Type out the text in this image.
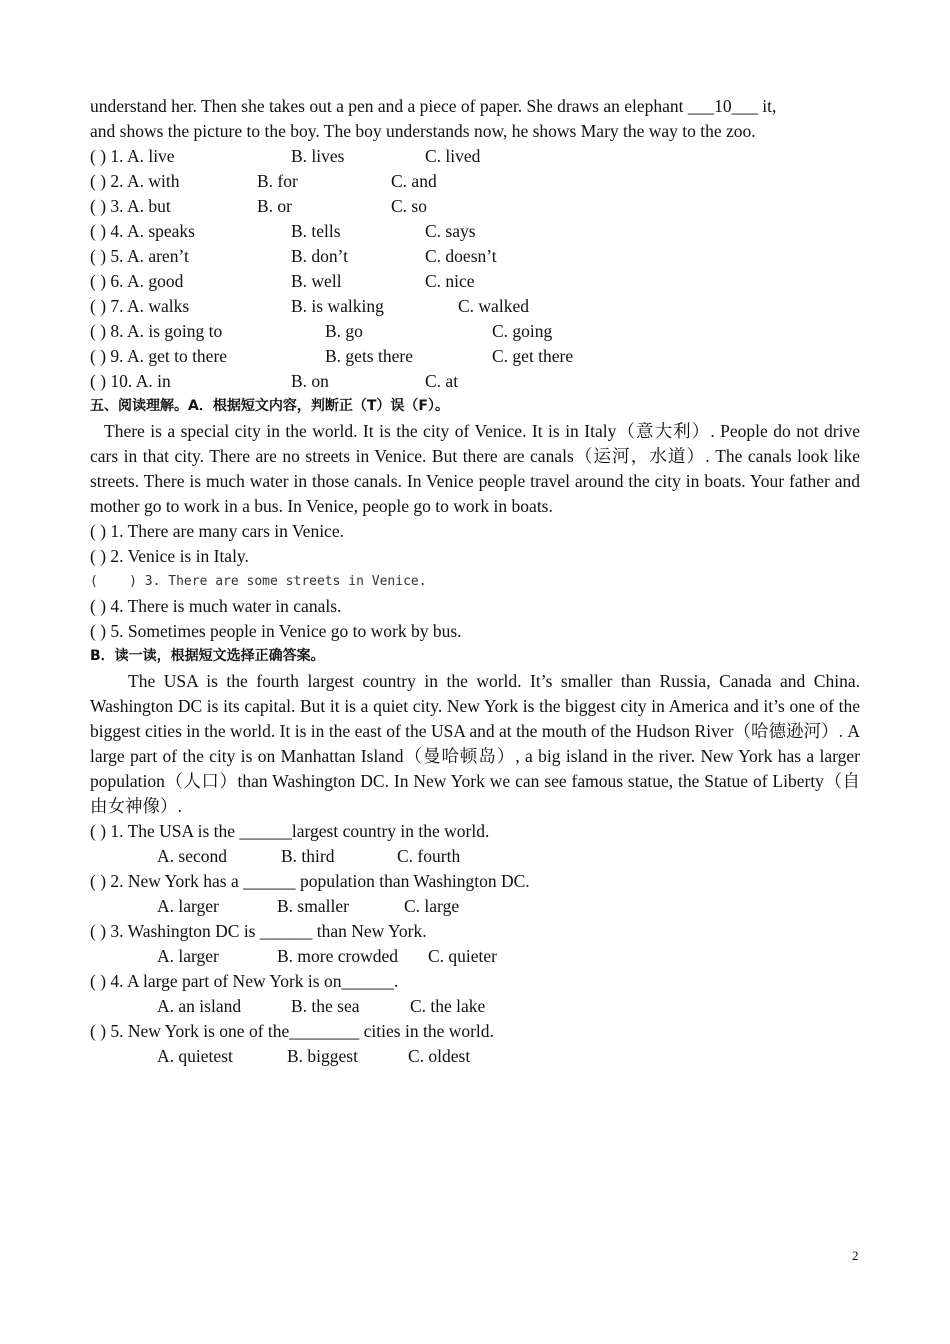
understand her. Then she takes out a pen and a piece of paper. She draws an elephant ___10___ it,
and shows the picture to the boy. The boy understands now, he shows Mary the way to the zoo.
( ) 1. A. live	B. lives	C. lived
( ) 2. A. with	B. for	C. and
( ) 3. A. but	B. or	C. so
( ) 4. A. speaks	B. tells	C. says
( ) 5. A. aren’t	B. don’t	C. doesn’t
( ) 6. A. good	B. well	C. nice
( ) 7. A. walks	B. is walking	C. walked
( ) 8. A. is going to	B. go	C. going
( ) 9. A. get to there	B. gets there	C. get there
( ) 10. A. in	B. on	C. at
五、阅读理解。A．根据短文内容，判断正（T）误（F）。
There is a special city in the world. It is the city of Venice. It is in Italy（意大利）. People do not drive cars in that city. There are no streets in Venice. But there are canals（运河，水道）. The canals look like streets. There is much water in those canals. In Venice people travel around the city in boats. Your father and mother go to work in a bus. In Venice, people go to work in boats.
( ) 1. There are many cars in Venice.
( ) 2. Venice is in Italy.
(    ) 3. There are some streets in Venice.
( ) 4. There is much water in canals.
( ) 5. Sometimes people in Venice go to work by bus.
B．读一读，根据短文选择正确答案。
The USA is the fourth largest country in the world. It’s smaller than Russia, Canada and China. Washington DC is its capital. But it is a quiet city. New York is the biggest city in America and it’s one of the biggest cities in the world. It is in the east of the USA and at the mouth of the Hudson River（哈德逊河）. A large part of the city is on Manhattan Island（曼哈顿岛）, a big island in the river. New York has a larger population（人口）than Washington DC. In New York we can see famous statue, the Statue of Liberty（自由女神像）.
( ) 1. The USA is the ______largest country in the world.
A. second	B. third	C. fourth
( ) 2. New York has a ______ population than Washington DC.
A. larger	B. smaller	C. large
( ) 3. Washington DC is ______ than New York.
A. larger	B. more crowded C. quieter
( ) 4. A large part of New York is on______.
A. an island	B. the sea	C. the lake
( ) 5. New York is one of the________ cities in the world.
A. quietest	B. biggest	C. oldest
2
